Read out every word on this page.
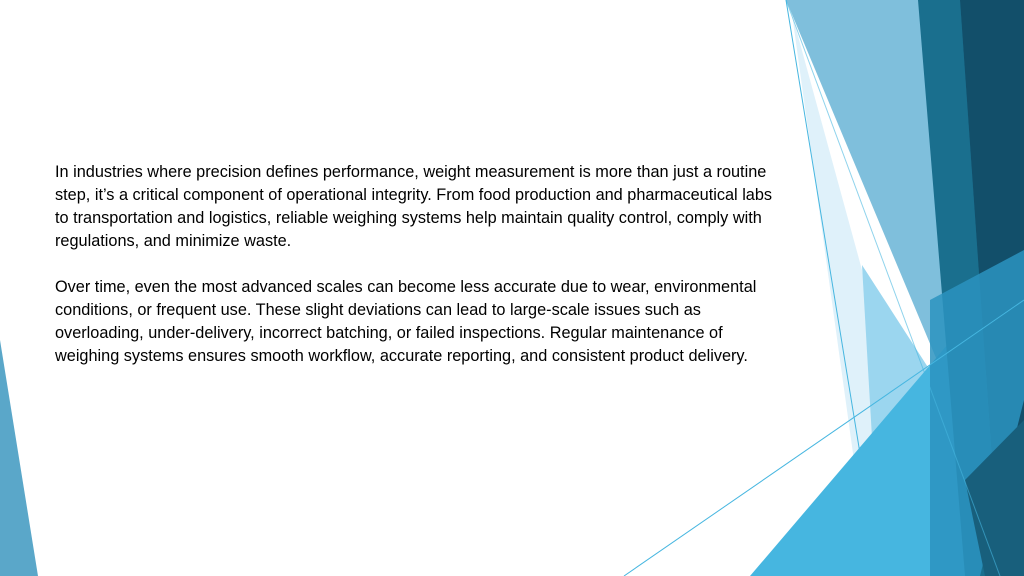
In industries where precision defines performance, weight measurement is more than just a routine step, it’s a critical component of operational integrity. From food production and pharmaceutical labs to transportation and logistics, reliable weighing systems help maintain quality control, comply with regulations, and minimize waste.

Over time, even the most advanced scales can become less accurate due to wear, environmental conditions, or frequent use. These slight deviations can lead to large-scale issues such as overloading, under-delivery, incorrect batching, or failed inspections. Regular maintenance of weighing systems ensures smooth workflow, accurate reporting, and consistent product delivery.
